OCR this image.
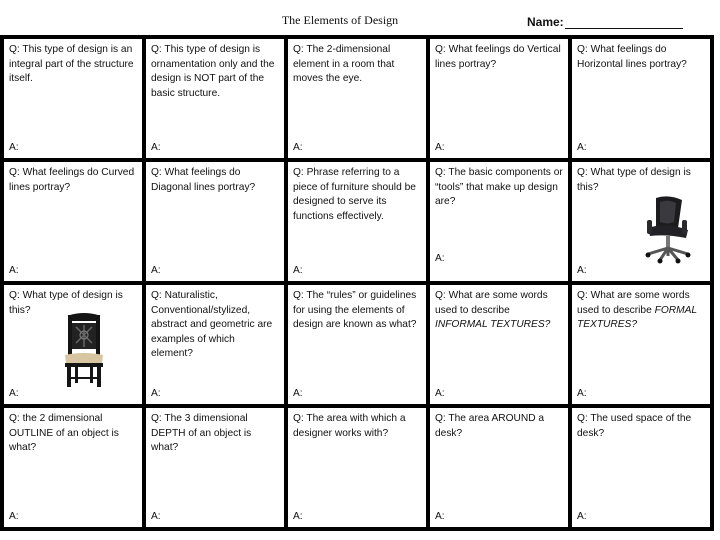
The Elements of Design	Name:

Q: This type of design is an integral part of the structure itself.

A:

Q: This type of design is ornamentation only and the design is NOT part of the basic structure.

A:

Q: The 2-dimensional element in a room that moves the eye.

A:

Q: What feelings do Vertical lines portray?

A:

Q: What feelings do Horizontal lines portray?

A:

Q: What feelings do Curved lines portray?

A:

Q: What feelings do Diagonal lines portray?

A:

Q: Phrase referring to a piece of furniture should be designed to serve its functions effectively.

A:

Q: The basic components or “tools” that make up design are?

A:

Q: What type of design is this?

A:

Q: What type of design is this?

A:

Q: Naturalistic, Conventional/stylized, abstract and geometric are examples of which element?

A:

Q: The “rules” or guidelines for using the elements of design are known as what?

A:

Q: What are some words used to describe INFORMAL TEXTURES?

A:

Q: What are some words used to describe FORMAL TEXTURES?

A:

Q: the 2 dimensional OUTLINE of an object is what?

A:

Q: The 3 dimensional DEPTH of an object is what?

A:

Q: The area with which a designer works with?

A:

Q: The area AROUND a desk?

A:

Q: The used space of the desk?

A:
